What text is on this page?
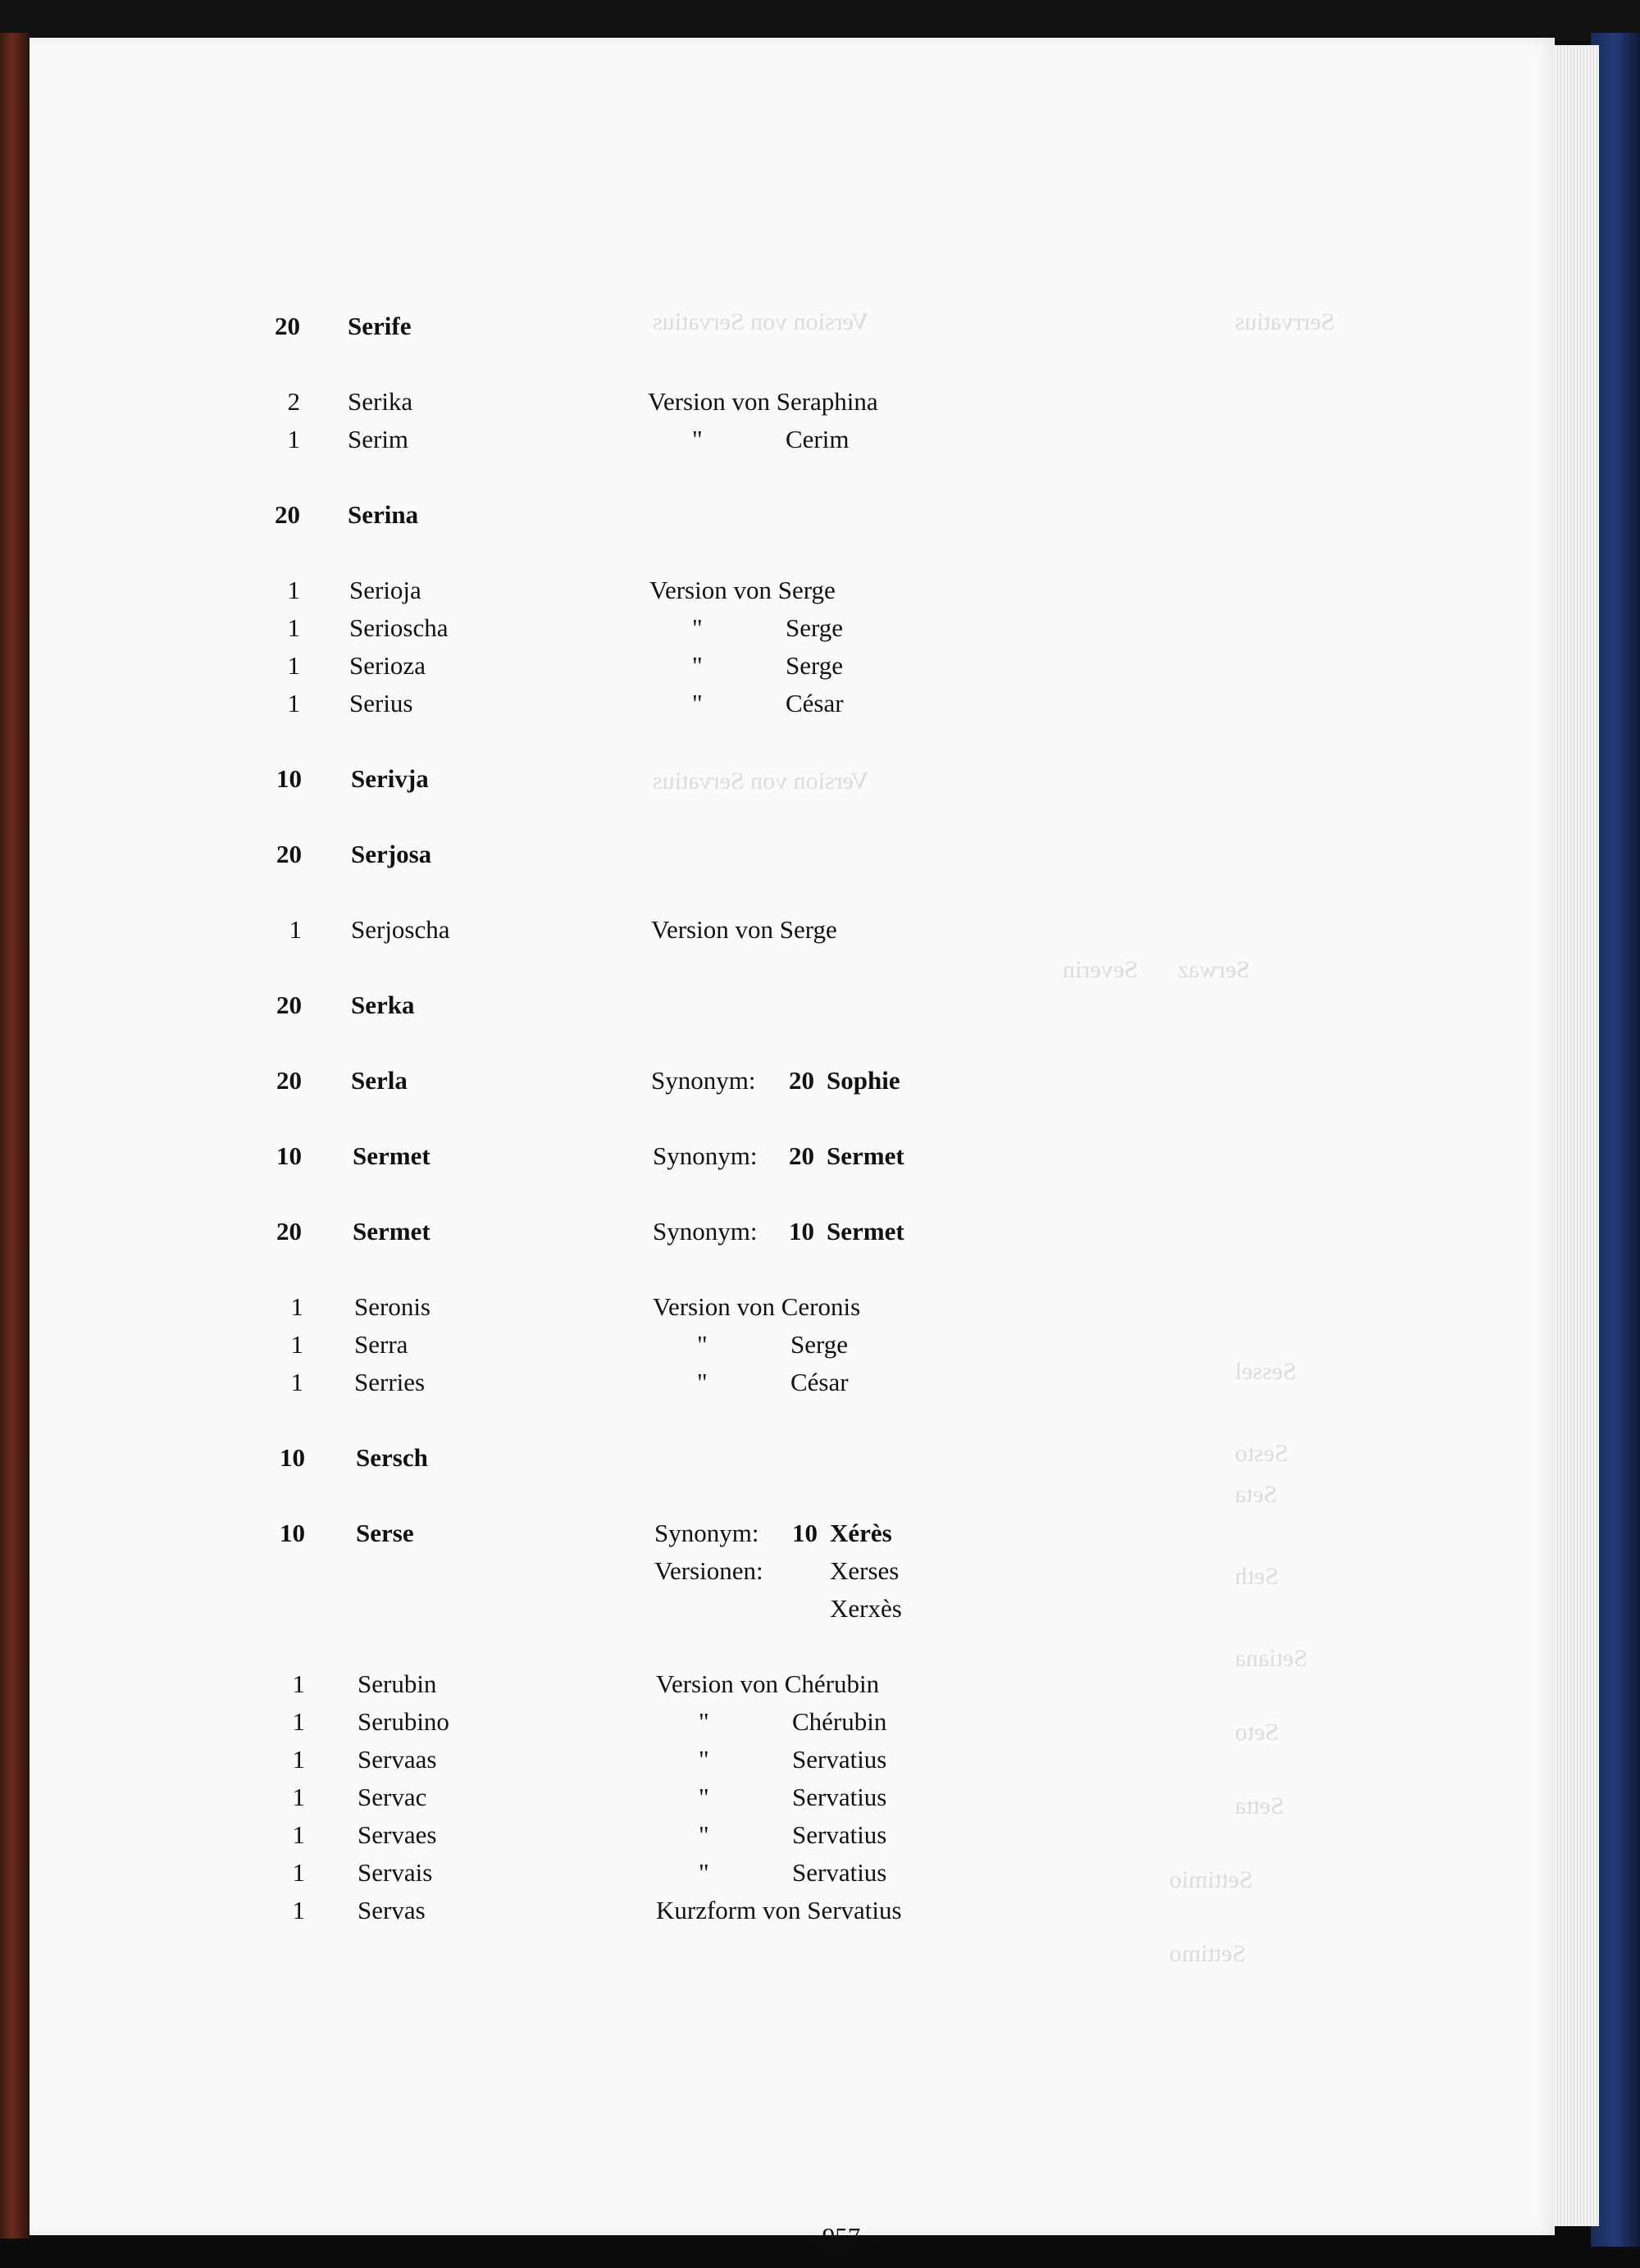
Serrvatius
Version von Servatius
Version von Servatius
Severin Serwaz
Sessel
Sesto
Seta
Seth
Setiana
Seto
Setta
Settimio
Settimo
20 Serife
2 Serika	Version von Seraphina
1 Serim	"	Cerim
20 Serina
1 Serioja	Version von Serge
1 Serioscha	"	Serge
1 Serioza	"	Serge
1 Serius	"	César
10 Serivja
20 Serjosa
1 Serjoscha	Version von Serge
20 Serka
20 Serla	Synonym: 20 Sophie
10 Sermet	Synonym: 20 Sermet
20 Sermet	Synonym: 10 Sermet
1 Seronis	Version von Ceronis
1 Serra	"	Serge
1 Serries	"	César
10 Sersch
10 Serse	Synonym: 10 Xérès
Versionen:	Xerses
Xerxès
1 Serubin	Version von Chérubin
1 Serubino	"	Chérubin
1 Servaas	"	Servatius
1 Servac	"	Servatius
1 Servaes	"	Servatius
1 Servais	"	Servatius
1 Servas	Kurzform von Servatius
- 957 -
